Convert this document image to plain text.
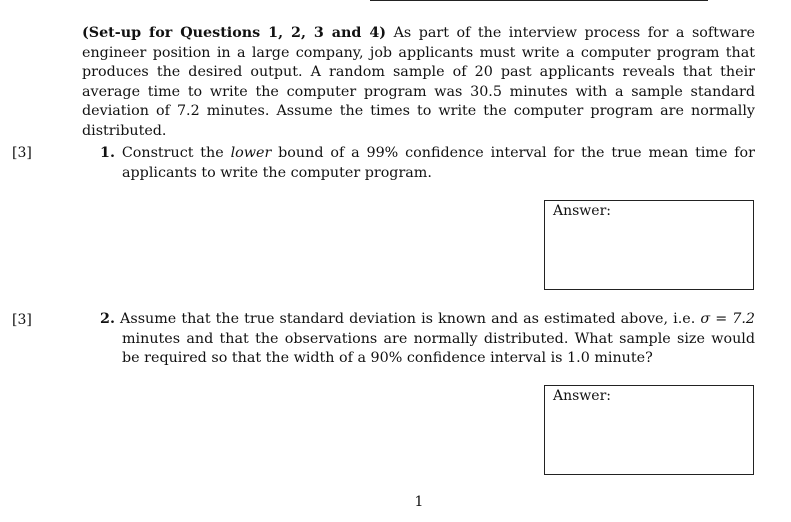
(Set-up for Questions 1, 2, 3 and 4) As part of the interview process for a software engineer position in a large company, job applicants must write a computer program that produces the desired output. A random sample of 20 past applicants reveals that their average time to write the computer program was 30.5 minutes with a sample standard deviation of 7.2 minutes. Assume the times to write the computer program are normally distributed.
[3]	1. Construct the lower bound of a 99% confidence interval for the true mean time for applicants to write the computer program.
Answer:
[3]	2. Assume that the true standard deviation is known and as estimated above, i.e. σ = 7.2 minutes and that the observations are normally distributed. What sample size would be required so that the width of a 90% confidence interval is 1.0 minute?
Answer:
1
